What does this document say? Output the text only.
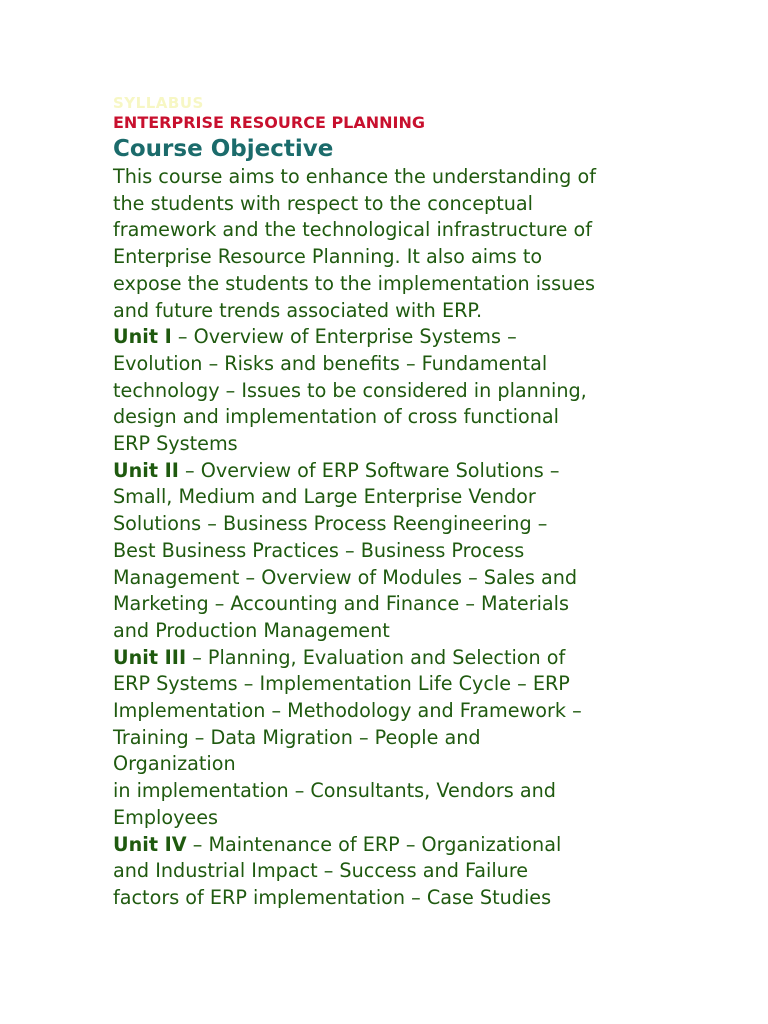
SYLLABUS
ENTERPRISE RESOURCE PLANNING
Course Objective
This course aims to enhance the understanding of
the students with respect to the conceptual
framework and the technological infrastructure of
Enterprise Resource Planning. It also aims to
expose the students to the implementation issues
and future trends associated with ERP.
Unit I – Overview of Enterprise Systems –
Evolution – Risks and benefits – Fundamental
technology – Issues to be considered in planning,
design and implementation of cross functional
ERP Systems
Unit II – Overview of ERP Software Solutions –
Small, Medium and Large Enterprise Vendor
Solutions – Business Process Reengineering –
Best Business Practices – Business Process
Management – Overview of Modules – Sales and
Marketing – Accounting and Finance – Materials
and Production Management
Unit III – Planning, Evaluation and Selection of
ERP Systems – Implementation Life Cycle – ERP
Implementation – Methodology and Framework –
Training – Data Migration – People and
Organization
in implementation – Consultants, Vendors and
Employees
Unit IV – Maintenance of ERP – Organizational
and Industrial Impact – Success and Failure
factors of ERP implementation – Case Studies
